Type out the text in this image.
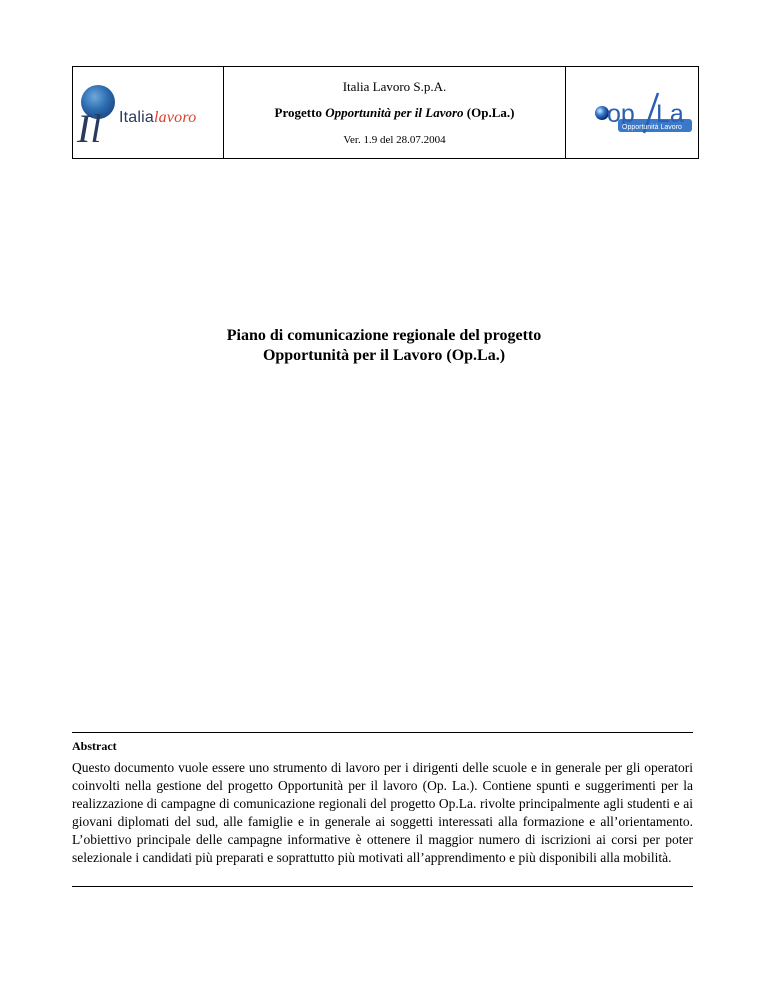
Il Italialavoro
Italia Lavoro S.p.A.
Progetto Opportunità per il Lavoro (Op.La.)
Ver. 1.9 del 28.07.2004
op La
Opportunità Lavoro
Piano di comunicazione regionale del progetto
Opportunità per il Lavoro (Op.La.)
Abstract
Questo documento vuole essere uno strumento di lavoro per i dirigenti delle scuole e in generale per gli operatori coinvolti nella gestione del progetto Opportunità per il lavoro (Op. La.). Contiene spunti e suggerimenti per la realizzazione di campagne di comunicazione regionali del progetto Op.La. rivolte principalmente agli studenti e ai giovani diplomati del sud, alle famiglie e in generale ai soggetti interessati alla formazione e all’orientamento. L’obiettivo principale delle campagne informative è ottenere il maggior numero di iscrizioni ai corsi per poter selezionale i candidati più preparati e soprattutto più motivati all’apprendimento e più disponibili alla mobilità.
